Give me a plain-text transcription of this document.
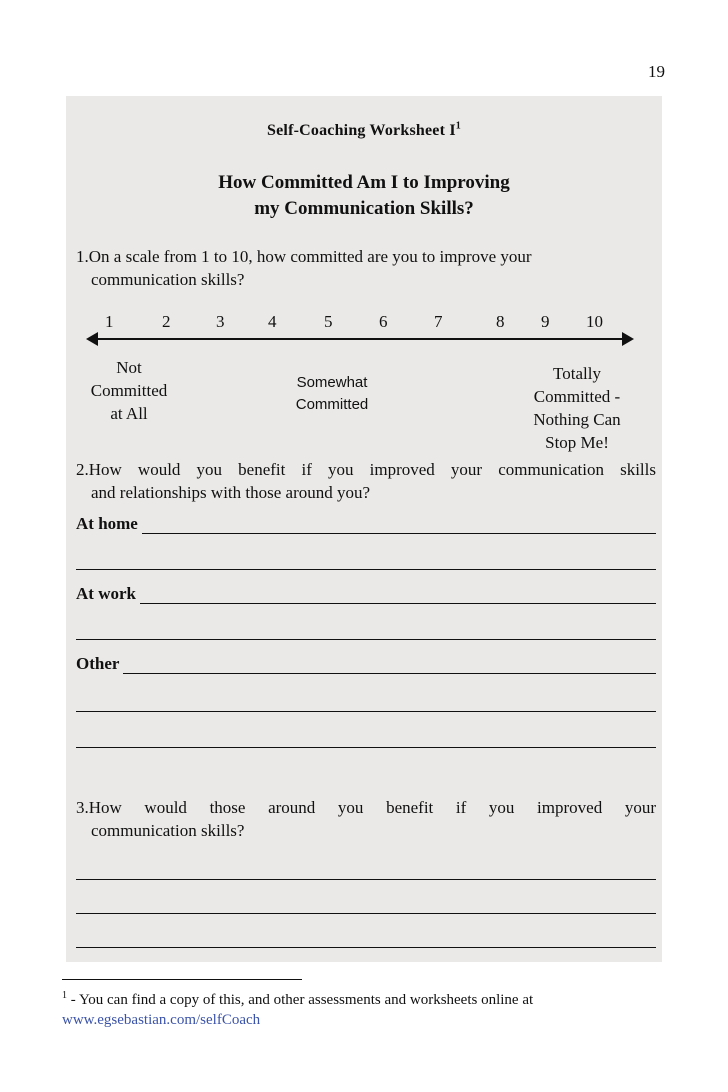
19
Self-Coaching Worksheet $I^1$
How Committed Am I to Improving
my Communication Skills?
1.On a scale from 1 to 10, how committed are you to improve your
communication skills?
1	2	3	4	5	6	7	8 9 10
Not
Committed
at All
Somewhat
Committed
Totally
Committed -
Nothing Can
Stop Me!
2.How would you benefit if you improved your communication skills
and relationships with those around you?
At home
At work
Other
3.How would those around you benefit if you improved your
communication skills?
$^1$ - You can find a copy of this, and other assessments and worksheets online at
www.egsebastian.com/selfCoach
